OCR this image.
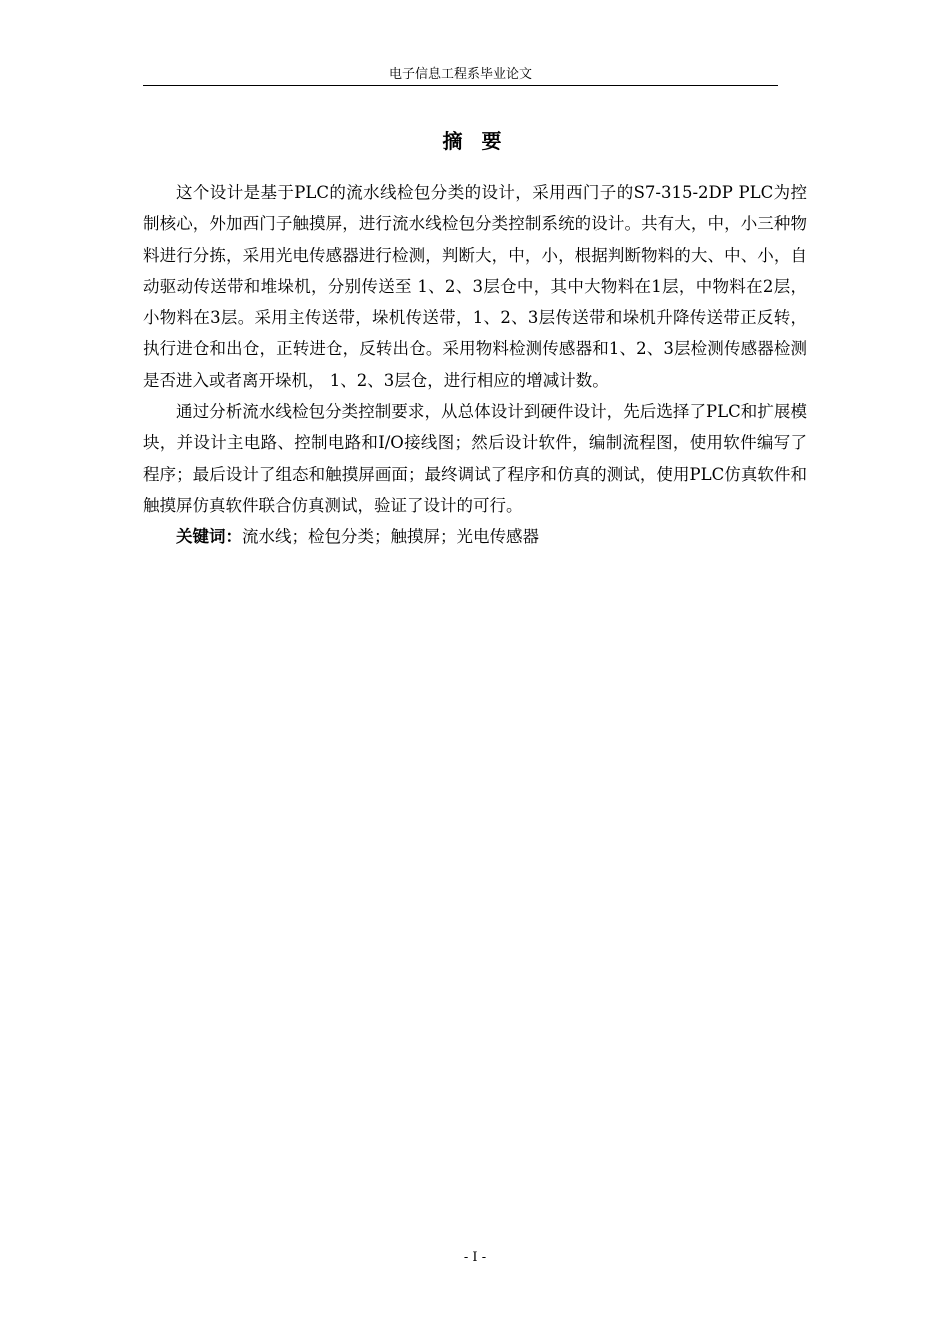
电子信息工程系毕业论文
摘 要

这个设计是基于PLC的流水线检包分类的设计，采用西门子的S7-315-2DP PLC为控制核心，外加西门子触摸屏，进行流水线检包分类控制系统的设计。共有大，中，小三种物料进行分拣，采用光电传感器进行检测，判断大，中，小，根据判断物料的大、中、小，自动驱动传送带和堆垛机，分别传送至 1、2、3层仓中，其中大物料在1层，中物料在2层，小物料在3层。采用主传送带，垛机传送带，1、2、3层传送带和垛机升降传送带正反转，执行进仓和出仓，正转进仓，反转出仓。采用物料检测传感器和1、2、3层检测传感器检测是否进入或者离开垛机， 1、2、3层仓，进行相应的增减计数。

通过分析流水线检包分类控制要求，从总体设计到硬件设计，先后选择了PLC和扩展模块，并设计主电路、控制电路和I/O接线图；然后设计软件，编制流程图，使用软件编写了程序；最后设计了组态和触摸屏画面；最终调试了程序和仿真的测试，使用PLC仿真软件和触摸屏仿真软件联合仿真测试，验证了设计的可行。

关键词：流水线；检包分类；触摸屏；光电传感器

- I -
